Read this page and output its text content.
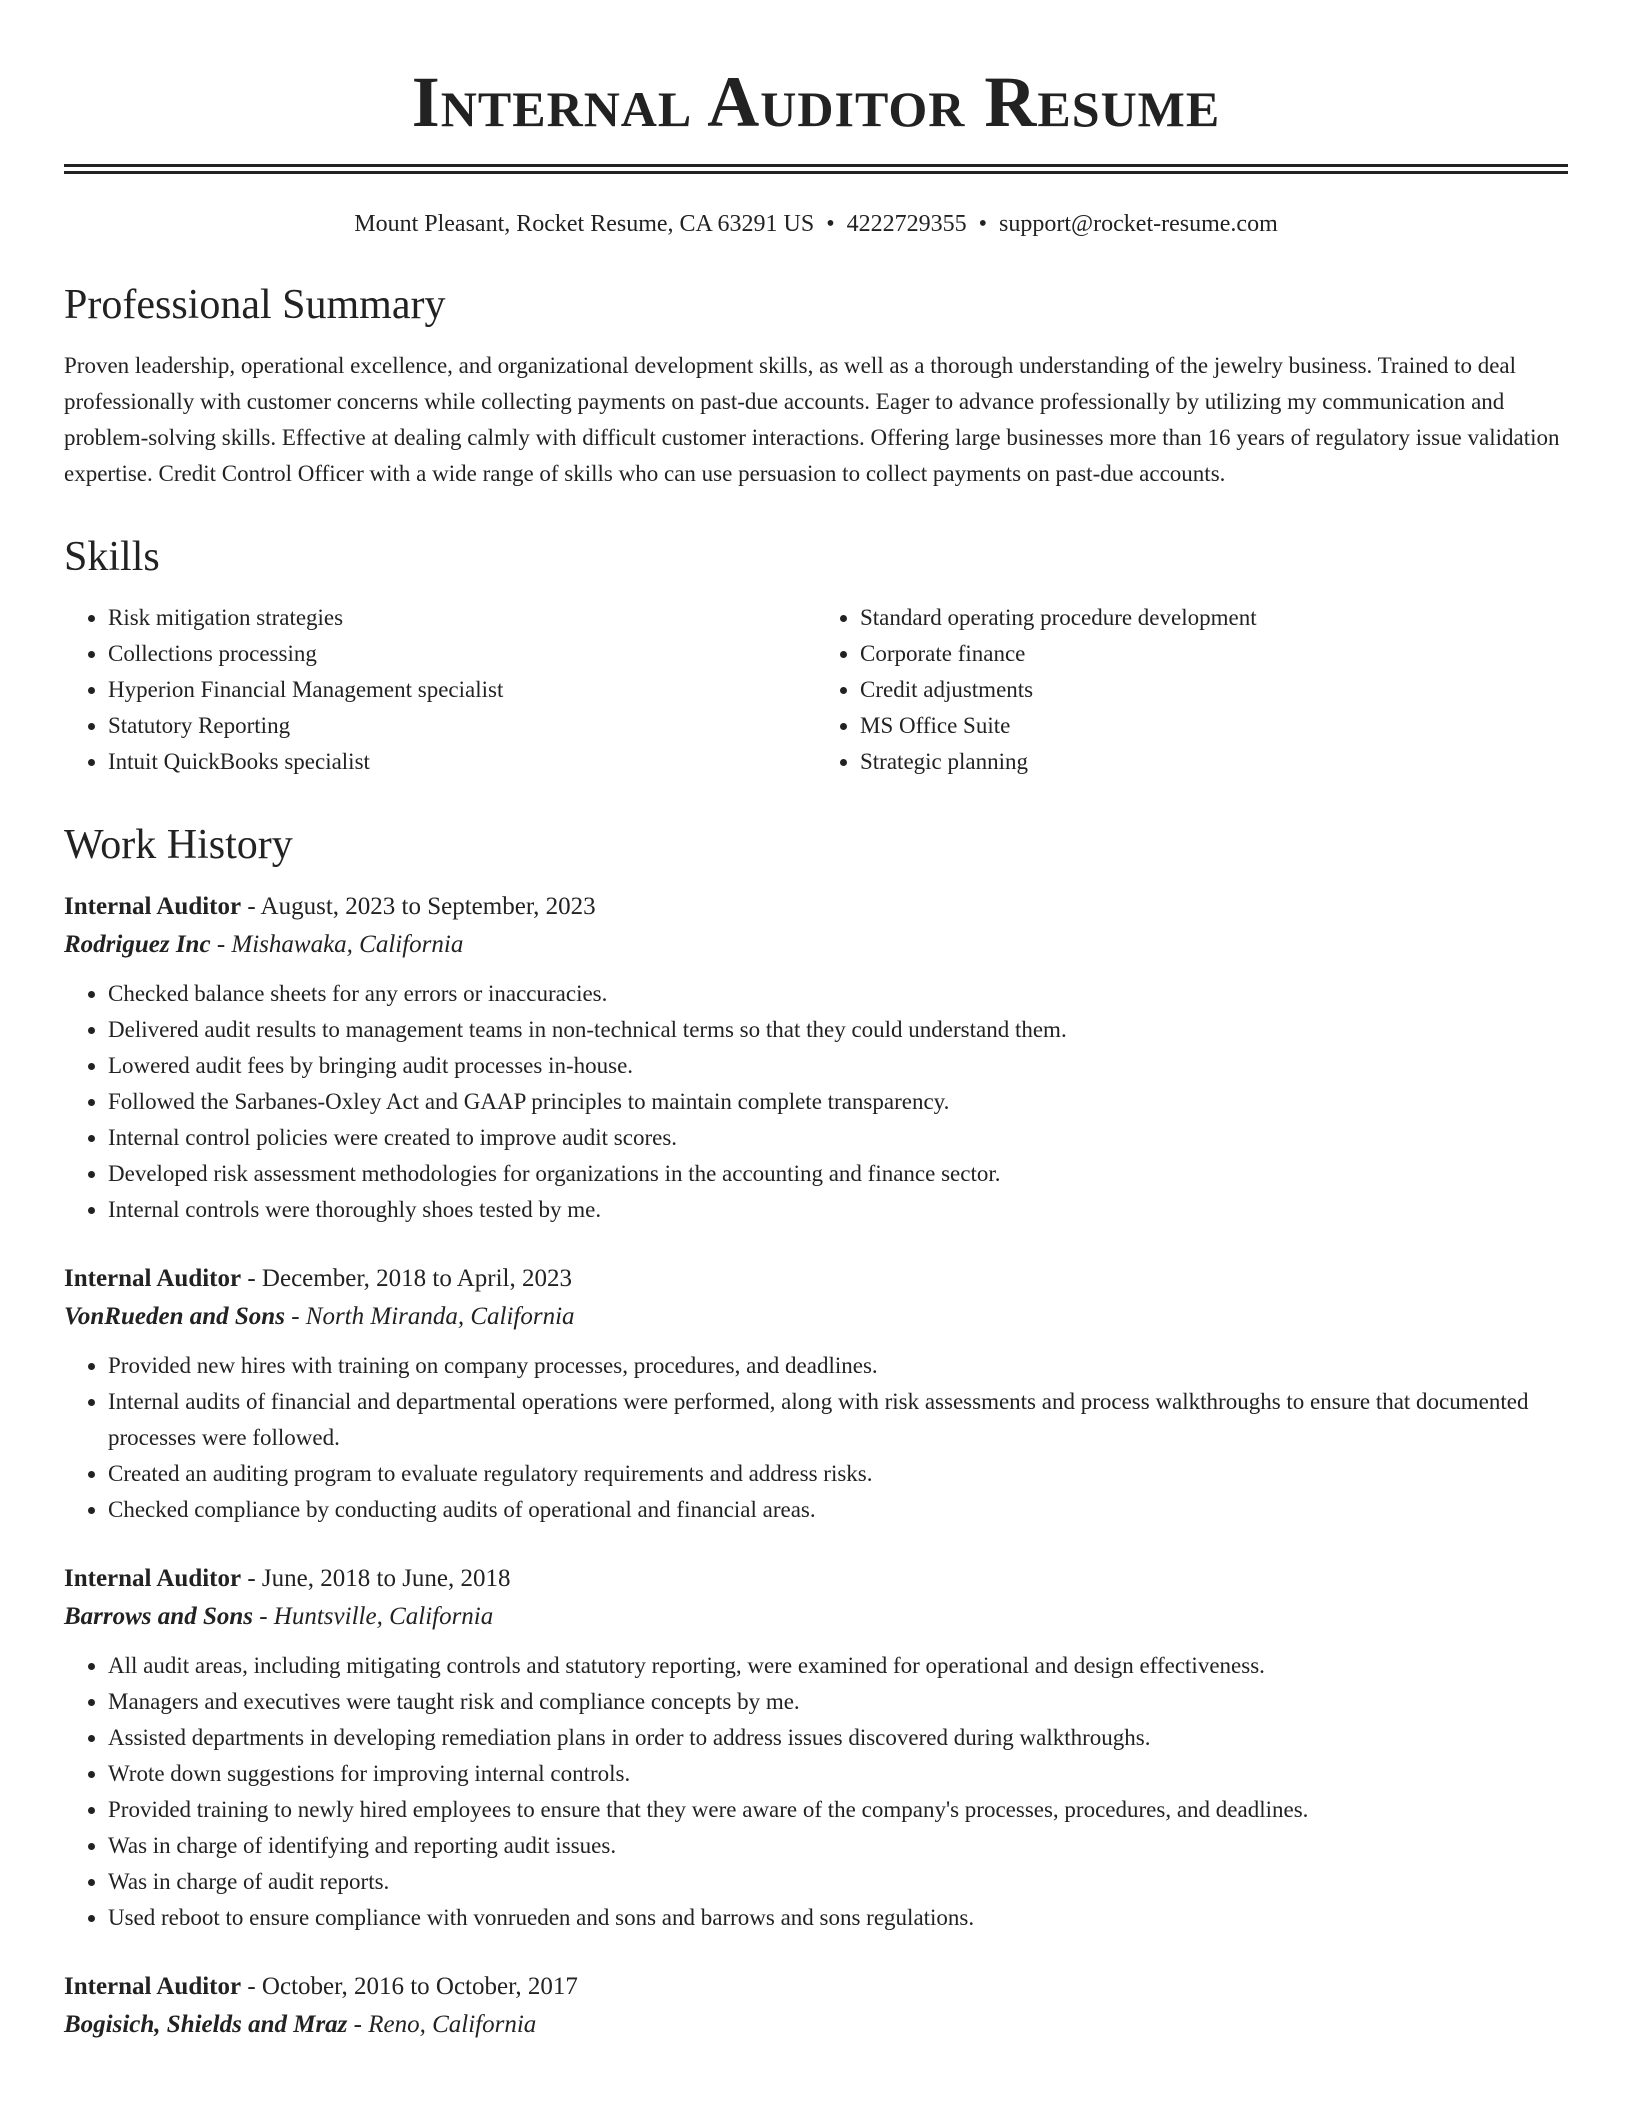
Internal Auditor Resume
Mount Pleasant, Rocket Resume, CA 63291 US • 4222729355 • support@rocket-resume.com
Professional Summary

Proven leadership, operational excellence, and organizational development skills, as well as a thorough understanding of the jewelry business. Trained to deal professionally with customer concerns while collecting payments on past-due accounts. Eager to advance professionally by utilizing my communication and problem-solving skills. Effective at dealing calmly with difficult customer interactions. Offering large businesses more than 16 years of regulatory issue validation expertise. Credit Control Officer with a wide range of skills who can use persuasion to collect payments on past-due accounts.

Skills
• Risk mitigation strategies
• Collections processing
• Hyperion Financial Management specialist
• Statutory Reporting
• Intuit QuickBooks specialist
• Standard operating procedure development
• Corporate finance
• Credit adjustments
• MS Office Suite
• Strategic planning
Work History
Internal Auditor - August, 2023 to September, 2023
Rodriguez Inc - Mishawaka, California
• Checked balance sheets for any errors or inaccuracies.
• Delivered audit results to management teams in non-technical terms so that they could understand them.
• Lowered audit fees by bringing audit processes in-house.
• Followed the Sarbanes-Oxley Act and GAAP principles to maintain complete transparency.
• Internal control policies were created to improve audit scores.
• Developed risk assessment methodologies for organizations in the accounting and finance sector.
• Internal controls were thoroughly shoes tested by me.
Internal Auditor - December, 2018 to April, 2023
VonRueden and Sons - North Miranda, California
• Provided new hires with training on company processes, procedures, and deadlines.
• Internal audits of financial and departmental operations were performed, along with risk assessments and process walkthroughs to ensure that documented processes were followed.
• Created an auditing program to evaluate regulatory requirements and address risks.
• Checked compliance by conducting audits of operational and financial areas.
Internal Auditor - June, 2018 to June, 2018
Barrows and Sons - Huntsville, California
• All audit areas, including mitigating controls and statutory reporting, were examined for operational and design effectiveness.
• Managers and executives were taught risk and compliance concepts by me.
• Assisted departments in developing remediation plans in order to address issues discovered during walkthroughs.
• Wrote down suggestions for improving internal controls.
• Provided training to newly hired employees to ensure that they were aware of the company's processes, procedures, and deadlines.
• Was in charge of identifying and reporting audit issues.
• Was in charge of audit reports.
• Used reboot to ensure compliance with vonrueden and sons and barrows and sons regulations.
Internal Auditor - October, 2016 to October, 2017
Bogisich, Shields and Mraz - Reno, California
